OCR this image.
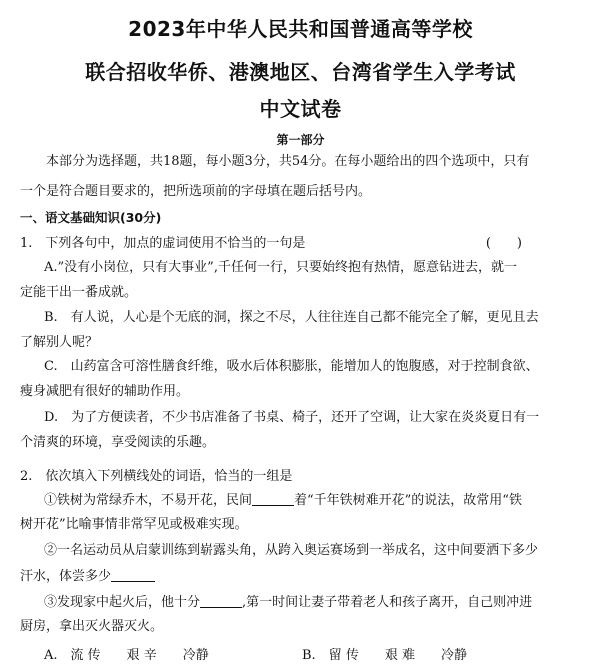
2023年中华人民共和国普通高等学校
联合招收华侨、港澳地区、台湾省学生入学考试
中文试卷
第一部分
本部分为选择题，共18题，每小题3分，共54分。在每小题给出的四个选项中，只有
一个是符合题目要求的，把所选项前的字母填在题后括号内。
一、语文基础知识(30分)
1.　下列各句中，加点的虚词使用不恰当的一句是	(　　)
A.”没有小岗位，只有大事业”,千任何一行，只要始终抱有热情，愿意钻进去，就一
定能干出一番成就。
B.　有人说，人心是个无底的洞，探之不尽，人往往连自己都不能完全了解，更见且去
了解别人呢？
C.　山药富含可溶性膳食纤维，吸水后体积膨胀，能增加人的饱腹感，对于控制食欲、
瘦身减肥有很好的辅助作用。
D.　为了方便读者，不少书店准备了书桌、椅子，还开了空调，让大家在炎炎夏日有一
个清爽的环境，享受阅读的乐趣。
2.　依次填入下列横线处的词语，恰当的一组是
①铁树为常绿乔木，不易开花，民间	着“千年铁树难开花”的说法，故常用“铁
树开花”比喻事情非常罕见或极难实现。
②一名运动员从启蒙训练到崭露头角，从跨入奥运赛场到一举成名，这中间要洒下多少
汗水，体尝多少
③发现家中起火后，他十分	,第一时间让妻子带着老人和孩子离开，自己则冲进
厨房，拿出灭火器灭火。
A.　流 传　　艰 辛　　冷静	B.　留 传　　艰 难　　冷静
